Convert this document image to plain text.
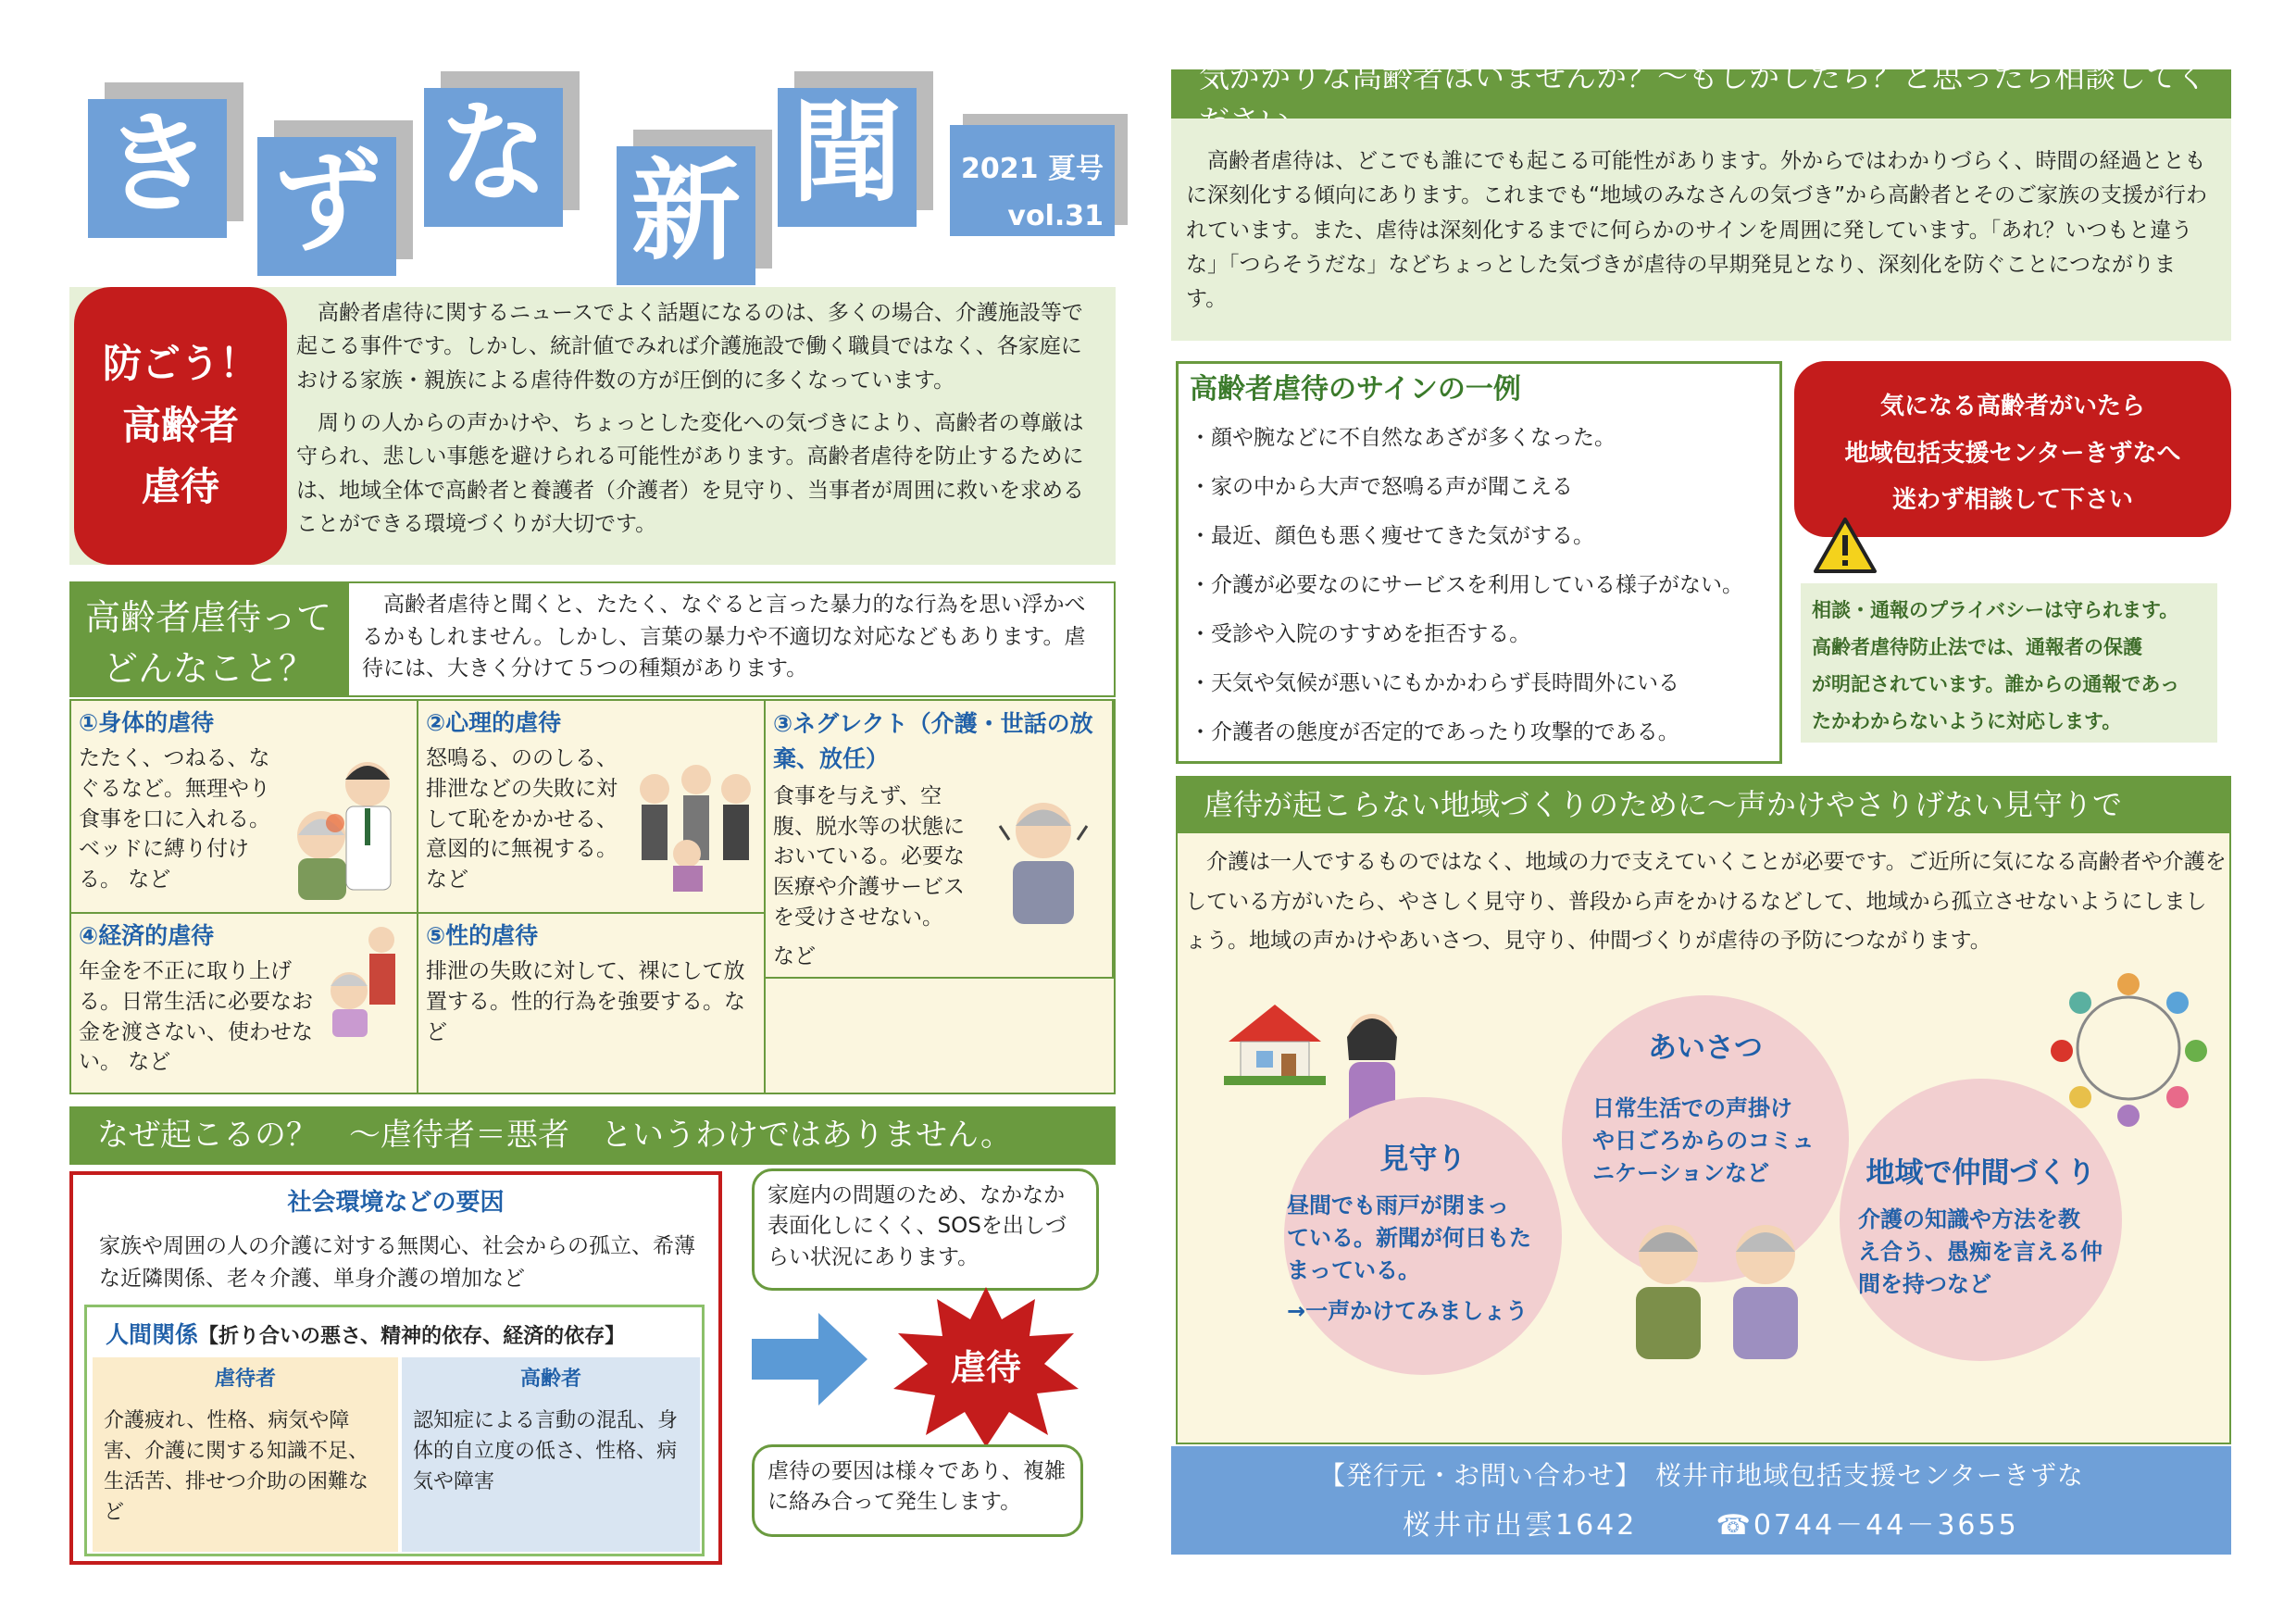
き ず な 新 聞	2021 夏号
vol.31
防ごう！
高齢者
虐待

高齢者虐待に関するニュースでよく話題になるのは、多くの場合、介護施設等で起こる事件です。しかし、統計値でみれば介護施設で働く職員ではなく、各家庭における家族・親族による虐待件数の方が圧倒的に多くなっています。

周りの人からの声かけや、ちょっとした変化への気づきにより、高齢者の尊厳は守られ、悲しい事態を避けられる可能性があります。高齢者虐待を防止するためには、地域全体で高齢者と養護者（介護者）を見守り、当事者が周囲に救いを求めることができる環境づくりが大切です。

高齢者虐待って
どんなこと？
高齢者虐待と聞くと、たたく、なぐると言った暴力的な行為を思い浮かべるかもしれません。しかし、言葉の暴力や不適切な対応などもあります。虐待には、大きく分けて５つの種類があります。
①身体的虐待
たたく、つねる、なぐるなど。無理やり食事を口に入れる。ベッドに縛り付ける。 など
②心理的虐待
怒鳴る、ののしる、排泄などの失敗に対して恥をかかせる、意図的に無視する。 など
③ネグレクト（介護・世話の放棄、放任）
食事を与えず、空腹、脱水等の状態においている。必要な医療や介護サービスを受けさせない。
など
④経済的虐待
年金を不正に取り上げる。日常生活に必要なお金を渡さない、使わせない。 など
⑤性的虐待
排泄の失敗に対して、裸にして放置する。性的行為を強要する。など
なぜ起こるの？　～虐待者＝悪者　というわけではありません。
社会環境などの要因
家族や周囲の人の介護に対する無関心、社会からの孤立、希薄な近隣関係、老々介護、単身介護の増加など
人間関係【折り合いの悪さ、精神的依存、経済的依存】
虐待者
介護疲れ、性格、病気や障害、介護に関する知識不足、生活苦、排せつ介助の困難など
高齢者
認知症による言動の混乱、身体的自立度の低さ、性格、病気や障害
家庭内の問題のため、なかなか表面化しにくく、SOSを出しづらい状況にあります。
虐待
虐待の要因は様々であり、複雑に絡み合って発生します。
気がかりな高齢者はいませんか？～もしかしたら？と思ったら相談してく
高齢者虐待は、どこでも誰にでも起こる可能性があります。外からではわかりづらく、時間の経過とともに深刻化する傾向にあります。これまでも“地域のみなさんの気づき”から高齢者とそのご家族の支援が行われています。また、虐待は深刻化するまでに何らかのサインを周囲に発しています。「あれ？いつもと違うな」「つらそうだな」などちょっとした気づきが虐待の早期発見となり、深刻化を防ぐことにつながります。
高齢者虐待のサインの一例
・顔や腕などに不自然なあざが多くなった。
・家の中から大声で怒鳴る声が聞こえる
・最近、顔色も悪く痩せてきた気がする。
・介護が必要なのにサービスを利用している様子がない。
・受診や入院のすすめを拒否する。
・天気や気候が悪いにもかかわらず長時間外にいる
・介護者の態度が否定的であったり攻撃的である。
気になる高齢者がいたら
地域包括支援センターきずなへ
迷わず相談して下さい
相談・通報のプライバシーは守られます。
高齢者虐待防止法では、通報者の保護
が明記されています。誰からの通報であっ
たかわからないように対応します。
虐待が起こらない地域づくりのために～声かけやさりげない見守りで
介護は一人でするものではなく、地域の力で支えていくことが必要です。ご近所に気になる高齢者や介護をしている方がいたら、やさしく見守り、普段から声をかけるなどして、地域から孤立させないようにしましょう。地域の声かけやあいさつ、見守り、仲間づくりが虐待の予防につながります。
見守り
昼間でも雨戸が閉まっ
ている。新聞が何日もた
まっている。
→一声かけてみましょう
あいさつ
日常生活での声掛け
や日ごろからのコミュ
ニケーションなど	地域で仲間づくり
介護の知識や方法を教
え合う、愚痴を言える仲
間を持つなど
【発行元・お問い合わせ】　桜井市地域包括支援センターきずな
桜井市出雲1642	☎0744－44－3655
